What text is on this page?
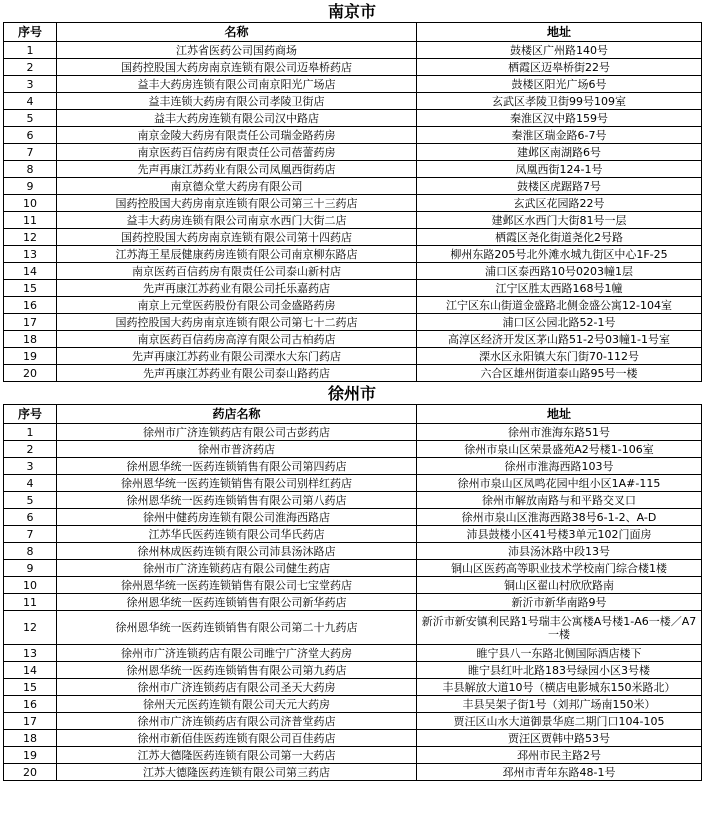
南京市
序号	名称	地址
1	江苏省医药公司国药商场	鼓楼区广州路140号
2	国药控股国大药房南京连锁有限公司迈皋桥药店	栖霞区迈皋桥街22号
3	益丰大药房连锁有限公司南京阳光广场店	鼓楼区阳光广场6号
4	益丰连锁大药房有限公司孝陵卫街店	玄武区孝陵卫街99号109室
5	益丰大药房连锁有限公司汉中路店	秦淮区汉中路159号
6	南京金陵大药房有限责任公司瑞金路药房	秦淮区瑞金路6-7号
7	南京医药百信药房有限责任公司蓓蕾药房	建邺区南湖路6号
8	先声再康江苏药业有限公司凤凰西街药店	凤凰西街124-1号
9	南京德众堂大药房有限公司	鼓楼区虎踞路7号
10	国药控股国大药房南京连锁有限公司第三十三药店	玄武区花园路22号
11	益丰大药房连锁有限公司南京水西门大街二店	建邺区水西门大街81号一层
12	国药控股国大药房南京连锁有限公司第十四药店	栖霞区尧化街道尧化2号路
13	江苏海王星辰健康药房连锁有限公司南京柳东路店	柳州东路205号北外滩水城九街区中心1F-25
14	南京医药百信药房有限责任公司泰山新村店	浦口区泰西路10号0203幢1层
15	先声再康江苏药业有限公司托乐嘉药店	江宁区胜太西路168号1幢
16	南京上元堂医药股份有限公司金盛路药房	江宁区东山街道金盛路北侧金盛公寓12-104室
17	国药控股国大药房南京连锁有限公司第七十二药店	浦口区公园北路52-1号
18	南京医药百信药房高淳有限公司古柏药店	高淳区经济开发区茅山路51-2号03幢1-1号室
19	先声再康江苏药业有限公司溧水大东门药店	溧水区永阳镇大东门街70-112号
20	先声再康江苏药业有限公司泰山路药店	六合区雄州街道泰山路95号一楼
徐州市
序号	药店名称	地址
1	徐州市广济连锁药店有限公司古彭药店	徐州市淮海东路51号
2	徐州市普济药店	徐州市泉山区荣景盛苑A2号楼1-106室
3	徐州恩华统一医药连锁销售有限公司第四药店	徐州市淮海西路103号
4	徐州恩华统一医药连锁销售有限公司别样红药店	徐州市泉山区凤鸣花园中组小区1A#-115
5	徐州恩华统一医药连锁销售有限公司第八药店	徐州市解放南路与和平路交叉口
6	徐州中健药房连锁有限公司淮海西路店	徐州市泉山区淮海西路38号6-1-2、A-D
7	江苏华氏医药连锁有限公司华氏药店	沛县鼓楼小区41号楼3单元102门面房
8	徐州林成医药连锁有限公司沛县汤沐路店	沛县汤沐路中段13号
9	徐州市广济连锁药店有限公司健生药店	铜山区医药高等职业技术学校南门综合楼1楼
10	徐州恩华统一医药连锁销售有限公司七宝堂药店	铜山区翟山村欣欣路南
11	徐州恩华统一医药连锁销售有限公司新华药店	新沂市新华南路9号
12	徐州恩华统一医药连锁销售有限公司第二十九药店	新沂市新安镇利民路1号瑞丰公寓楼A号楼1-A6一楼／A7一楼
13	徐州市广济连锁药店有限公司睢宁广济堂大药房	睢宁县八一东路北侧国际酒店楼下
14	徐州恩华统一医药连锁销售有限公司第九药店	睢宁县红叶北路183号绿园小区3号楼
15	徐州市广济连锁药店有限公司圣天大药房	丰县解放大道10号（横店电影城东150米路北）
16	徐州天元医药连锁有限公司天元大药房	丰县吴架子街1号（刘邦广场南150米）
17	徐州市广济连锁药店有限公司济普堂药店	贾汪区山水大道御景华庭二期门口104-105
18	徐州市新佰佳医药连锁有限公司百佳药店	贾汪区贾韩中路53号
19	江苏大德隆医药连锁有限公司第一大药店	邳州市民主路2号
20	江苏大德隆医药连锁有限公司第三药店	邳州市青年东路48-1号
